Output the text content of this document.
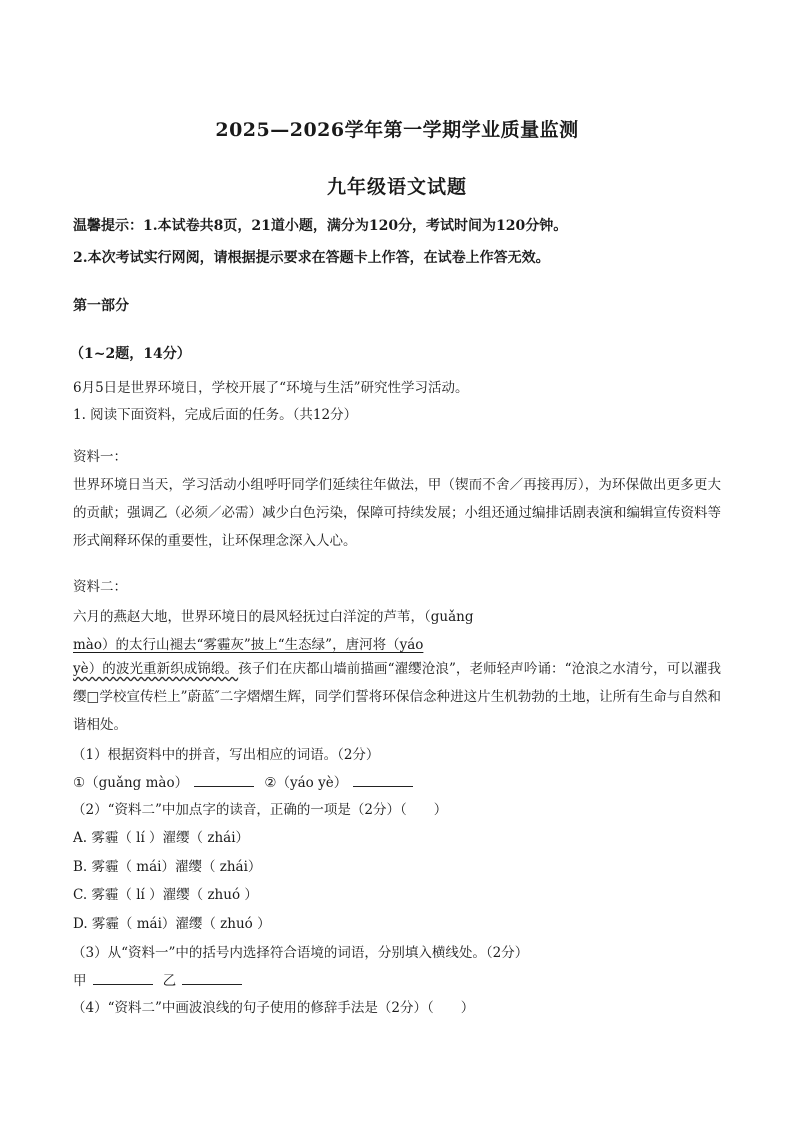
2025—2026学年第一学期学业质量监测
九年级语文试题
温馨提示：1.本试卷共8页，21道小题，满分为120分，考试时间为120分钟。
2.本次考试实行网阅，请根据提示要求在答题卡上作答，在试卷上作答无效。
第一部分
（1~2题，14分）
6月5日是世界环境日，学校开展了“环境与生活”研究性学习活动。
1. 阅读下面资料，完成后面的任务。（共12分）
资料一：
世界环境日当天，学习活动小组呼吁同学们延续往年做法，甲（锲而不舍／再接再厉），为环保做出更多更大的贡献；强调乙（必须／必需）减少白色污染，保障可持续发展；小组还通过编排话剧表演和编辑宣传资料等形式阐释环保的重要性，让环保理念深入人心。
资料二：
六月的燕赵大地，世界环境日的晨风轻抚过白洋淀的芦苇，（guǎng
mào）的太行山褪去“雾霾灰”披上“生态绿”，唐河将（yáo
yè）的波光重新织成锦缎。孩子们在庆都山墙前描画“濯缨沧浪”，老师轻声吟诵：“沧浪之水清兮，可以濯我缨□学校宣传栏上”蔚蓝″二字熠熠生辉，同学们誓将环保信念种进这片生机勃勃的土地，让所有生命与自然和谐相处。
（1）根据资料中的拼音，写出相应的词语。（2分）
①（guǎng mào）	②（yáo yè）
（2）“资料二”中加点字的读音，正确的一项是（2分）（　　）
A. 雾霾（ lí ）濯缨（ zhái）
B. 雾霾（ mái）濯缨（ zhái）
C. 雾霾（ lí ）濯缨（ zhuó ）
D. 雾霾（ mái）濯缨（ zhuó ）
（3）从“资料一”中的括号内选择符合语境的词语，分别填入横线处。（2分）
甲	乙
（4）“资料二”中画波浪线的句子使用的修辞手法是（2分）（　　）
